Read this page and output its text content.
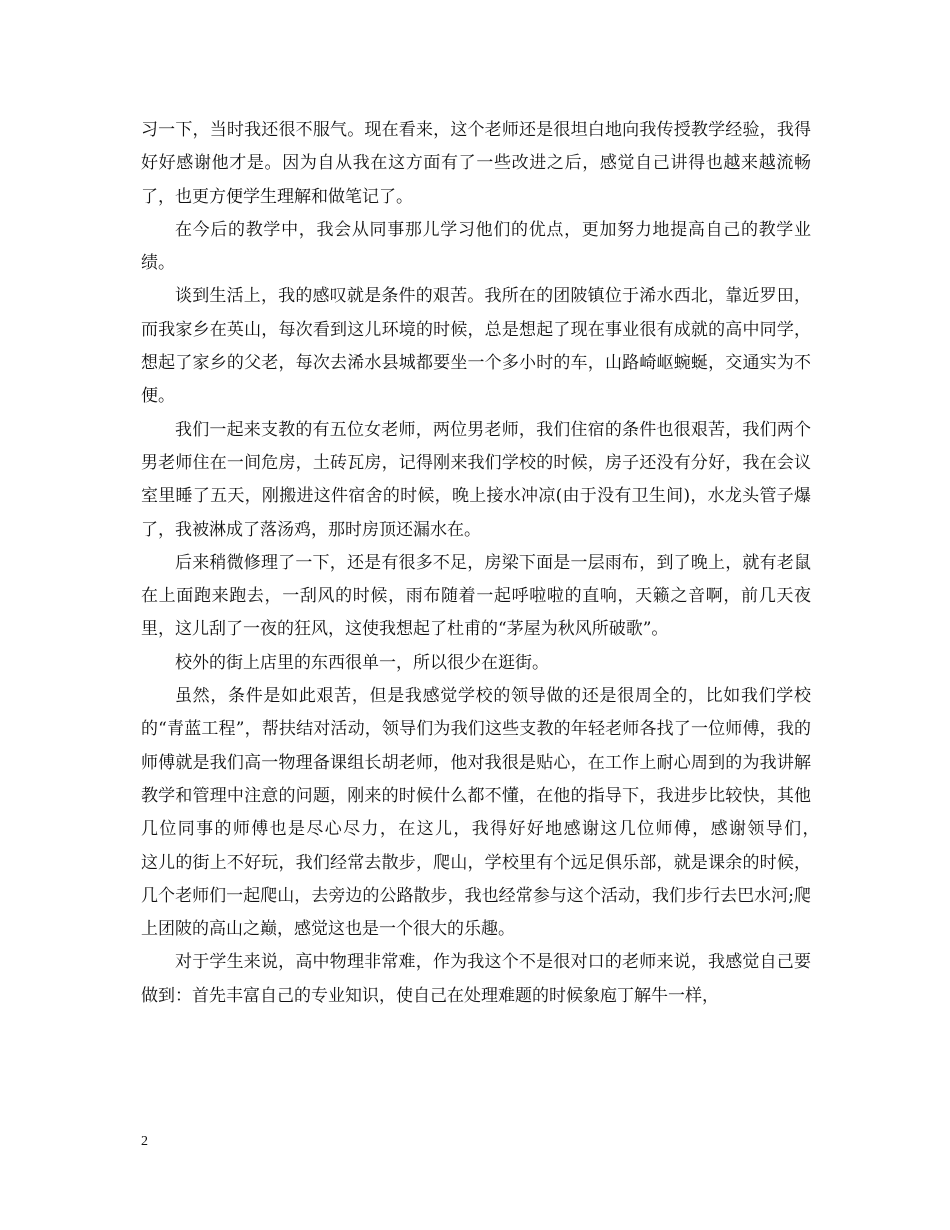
习一下，当时我还很不服气。现在看来，这个老师还是很坦白地向我传授教学经验，我得好好感谢他才是。因为自从我在这方面有了一些改进之后，感觉自己讲得也越来越流畅了，也更方便学生理解和做笔记了。

在今后的教学中，我会从同事那儿学习他们的优点，更加努力地提高自己的教学业绩。

谈到生活上，我的感叹就是条件的艰苦。我所在的团陂镇位于浠水西北，靠近罗田，而我家乡在英山，每次看到这儿环境的时候，总是想起了现在事业很有成就的高中同学，想起了家乡的父老，每次去浠水县城都要坐一个多小时的车，山路崎岖蜿蜒，交通实为不便。

我们一起来支教的有五位女老师，两位男老师，我们住宿的条件也很艰苦，我们两个男老师住在一间危房，土砖瓦房，记得刚来我们学校的时候，房子还没有分好，我在会议室里睡了五天，刚搬进这件宿舍的时候，晚上接水冲凉(由于没有卫生间)，水龙头管子爆了，我被淋成了落汤鸡，那时房顶还漏水在。

后来稍微修理了一下，还是有很多不足，房梁下面是一层雨布，到了晚上，就有老鼠在上面跑来跑去，一刮风的时候，雨布随着一起呼啦啦的直响，天籁之音啊，前几天夜里，这儿刮了一夜的狂风，这使我想起了杜甫的“茅屋为秋风所破歌”。

校外的街上店里的东西很单一，所以很少在逛街。

虽然，条件是如此艰苦，但是我感觉学校的领导做的还是很周全的，比如我们学校的“青蓝工程”，帮扶结对活动，领导们为我们这些支教的年轻老师各找了一位师傅，我的师傅就是我们高一物理备课组长胡老师，他对我很是贴心，在工作上耐心周到的为我讲解教学和管理中注意的问题，刚来的时候什么都不懂，在他的指导下，我进步比较快，其他几位同事的师傅也是尽心尽力，在这儿，我得好好地感谢这几位师傅，感谢领导们，　　这儿的街上不好玩，我们经常去散步，爬山，学校里有个远足俱乐部，就是课余的时候，几个老师们一起爬山，去旁边的公路散步，我也经常参与这个活动，我们步行去巴水河;爬上团陂的高山之巅，感觉这也是一个很大的乐趣。

对于学生来说，高中物理非常难，作为我这个不是很对口的老师来说，我感觉自己要做到：首先丰富自己的专业知识，使自己在处理难题的时候象庖丁解牛一样，

2
